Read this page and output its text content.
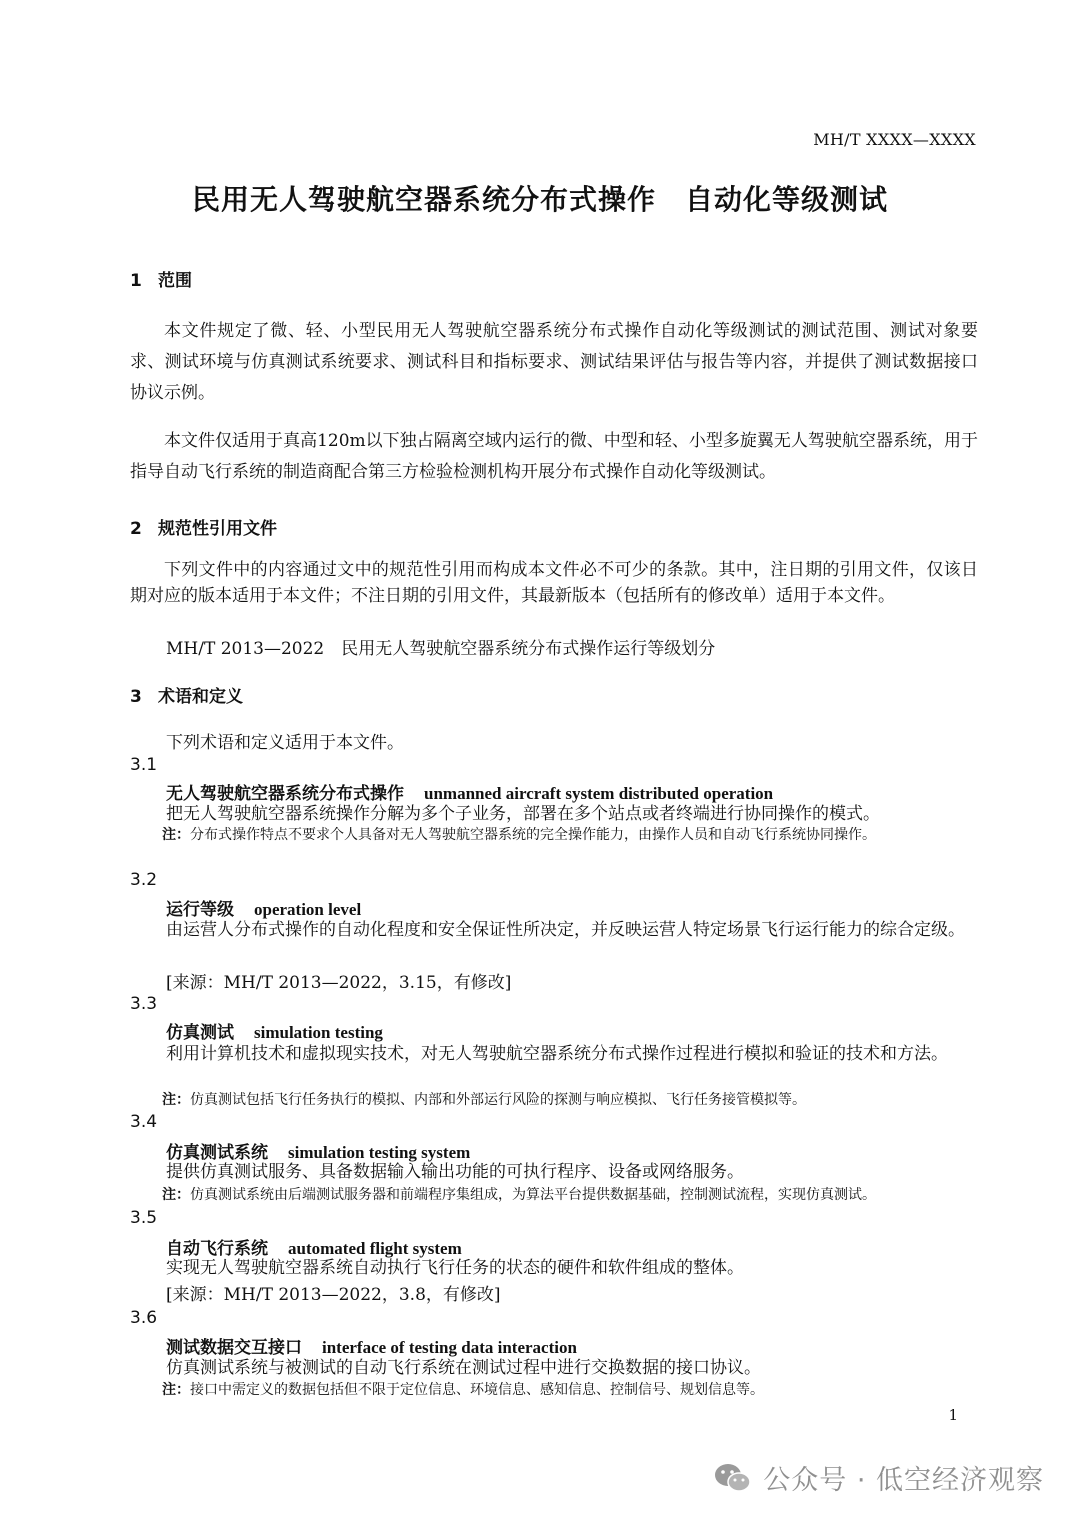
MH/T XXXX—XXXX
民用无人驾驶航空器系统分布式操作　自动化等级测试
1 范围
本文件规定了微、轻、小型民用无人驾驶航空器系统分布式操作自动化等级测试的测试范围、测试对象要求、测试环境与仿真测试系统要求、测试科目和指标要求、测试结果评估与报告等内容，并提供了测试数据接口协议示例。
本文件仅适用于真高120m以下独占隔离空域内运行的微、中型和轻、小型多旋翼无人驾驶航空器系统，用于指导自动飞行系统的制造商配合第三方检验检测机构开展分布式操作自动化等级测试。
2 规范性引用文件
下列文件中的内容通过文中的规范性引用而构成本文件必不可少的条款。其中，注日期的引用文件，仅该日期对应的版本适用于本文件；不注日期的引用文件，其最新版本（包括所有的修改单）适用于本文件。
MH/T 2013—2022　民用无人驾驶航空器系统分布式操作运行等级划分
3 术语和定义
下列术语和定义适用于本文件。
3.1
无人驾驶航空器系统分布式操作 unmanned aircraft system distributed operation
把无人驾驶航空器系统操作分解为多个子业务，部署在多个站点或者终端进行协同操作的模式。
注：分布式操作特点不要求个人具备对无人驾驶航空器系统的完全操作能力，由操作人员和自动飞行系统协同操作。
3.2
运行等级 operation level
由运营人分布式操作的自动化程度和安全保证性所决定，并反映运营人特定场景飞行运行能力的综合定级。
[来源：MH/T 2013—2022，3.15，有修改]
3.3
仿真测试 simulation testing
利用计算机技术和虚拟现实技术，对无人驾驶航空器系统分布式操作过程进行模拟和验证的技术和方法。
注：仿真测试包括飞行任务执行的模拟、内部和外部运行风险的探测与响应模拟、飞行任务接管模拟等。
3.4
仿真测试系统 simulation testing system
提供仿真测试服务、具备数据输入输出功能的可执行程序、设备或网络服务。
注：仿真测试系统由后端测试服务器和前端程序集组成，为算法平台提供数据基础，控制测试流程，实现仿真测试。
3.5
自动飞行系统 automated flight system
实现无人驾驶航空器系统自动执行飞行任务的状态的硬件和软件组成的整体。
[来源：MH/T 2013—2022，3.8，有修改]
3.6
测试数据交互接口 interface of testing data interaction
仿真测试系统与被测试的自动飞行系统在测试过程中进行交换数据的接口协议。
注：接口中需定义的数据包括但不限于定位信息、环境信息、感知信息、控制信号、规划信息等。
1
公众号 · 低空经济观察
